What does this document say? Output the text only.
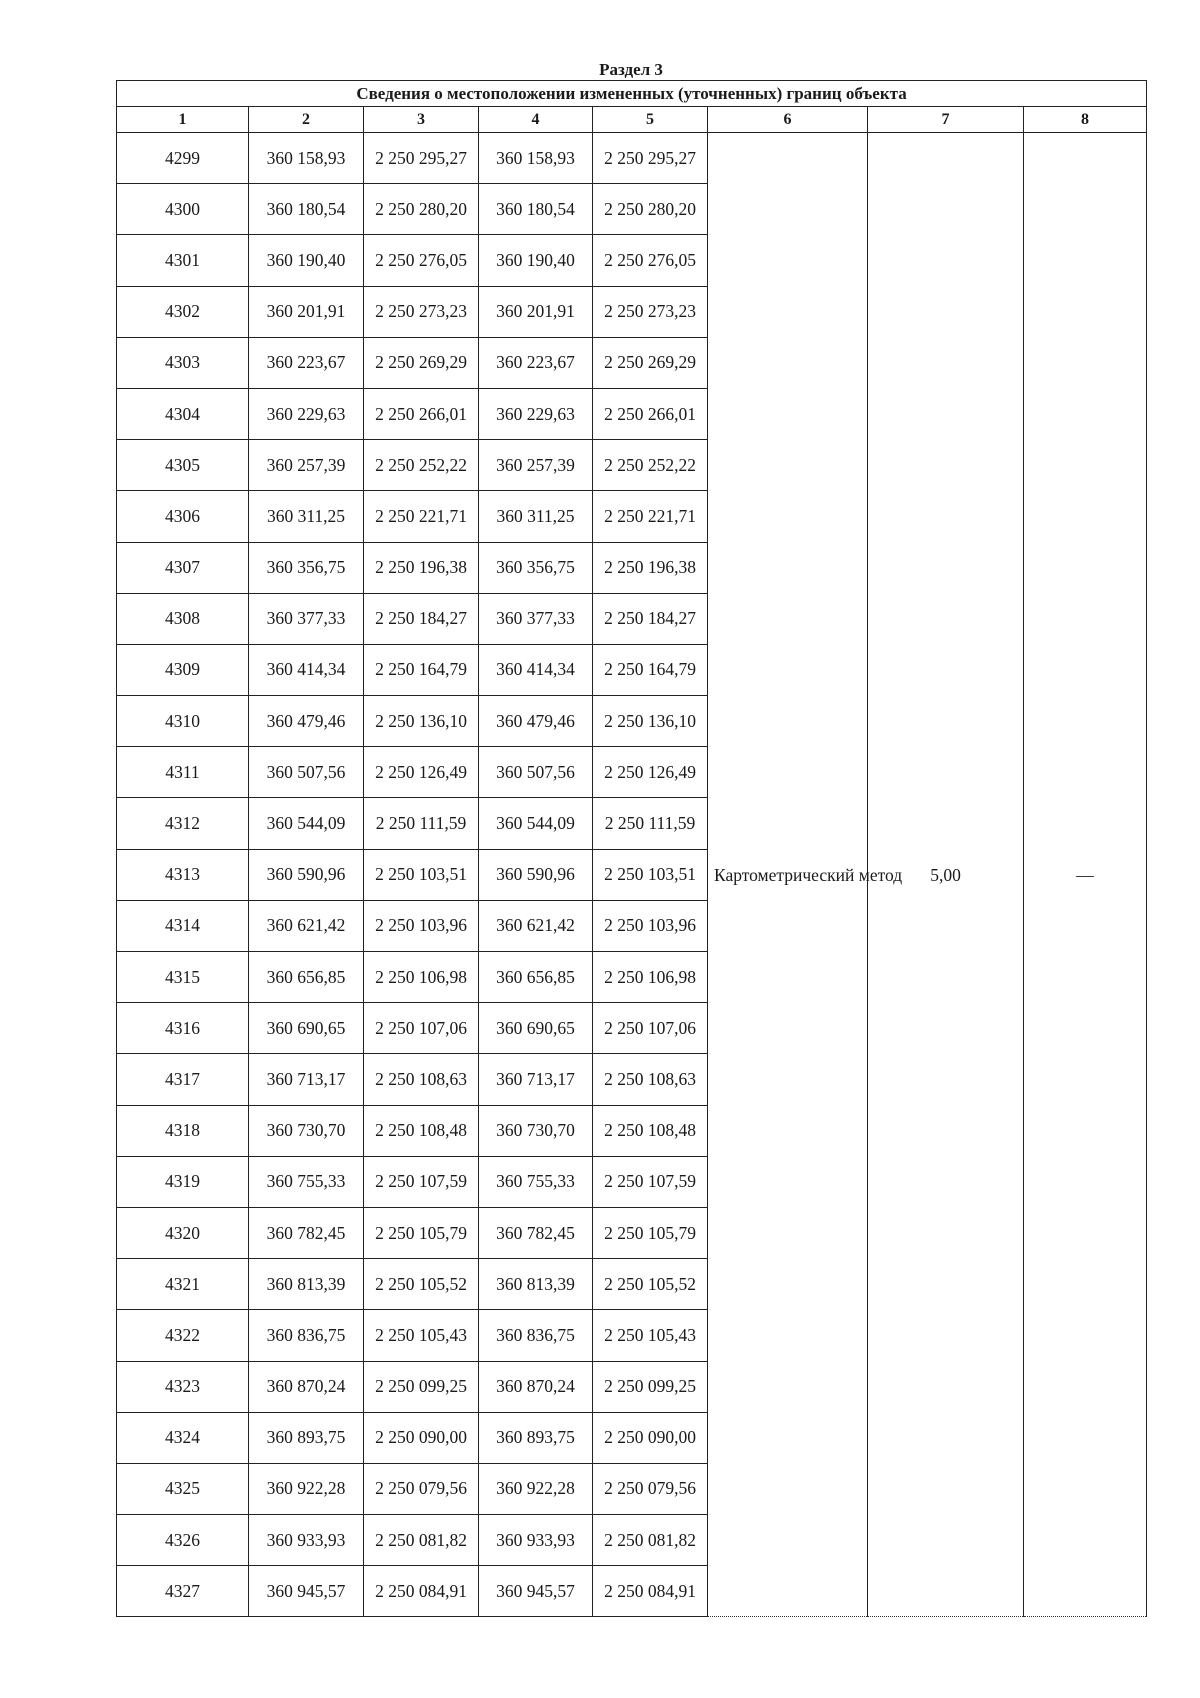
Раздел 3
Сведения о местоположении измененных (уточненных) границ объекта							
1	2	3	4	5	6	7	8
4299	360 158,93	2 250 295,27	360 158,93	2 250 295,27	Картометрический метод	5,00	—
4300	360 180,54	2 250 280,20	360 180,54	2 250 280,20			
4301	360 190,40	2 250 276,05	360 190,40	2 250 276,05			
4302	360 201,91	2 250 273,23	360 201,91	2 250 273,23			
4303	360 223,67	2 250 269,29	360 223,67	2 250 269,29			
4304	360 229,63	2 250 266,01	360 229,63	2 250 266,01			
4305	360 257,39	2 250 252,22	360 257,39	2 250 252,22			
4306	360 311,25	2 250 221,71	360 311,25	2 250 221,71			
4307	360 356,75	2 250 196,38	360 356,75	2 250 196,38			
4308	360 377,33	2 250 184,27	360 377,33	2 250 184,27			
4309	360 414,34	2 250 164,79	360 414,34	2 250 164,79			
4310	360 479,46	2 250 136,10	360 479,46	2 250 136,10			
4311	360 507,56	2 250 126,49	360 507,56	2 250 126,49			
4312	360 544,09	2 250 111,59	360 544,09	2 250 111,59			
4313	360 590,96	2 250 103,51	360 590,96	2 250 103,51			
4314	360 621,42	2 250 103,96	360 621,42	2 250 103,96			
4315	360 656,85	2 250 106,98	360 656,85	2 250 106,98			
4316	360 690,65	2 250 107,06	360 690,65	2 250 107,06			
4317	360 713,17	2 250 108,63	360 713,17	2 250 108,63			
4318	360 730,70	2 250 108,48	360 730,70	2 250 108,48			
4319	360 755,33	2 250 107,59	360 755,33	2 250 107,59			
4320	360 782,45	2 250 105,79	360 782,45	2 250 105,79			
4321	360 813,39	2 250 105,52	360 813,39	2 250 105,52			
4322	360 836,75	2 250 105,43	360 836,75	2 250 105,43			
4323	360 870,24	2 250 099,25	360 870,24	2 250 099,25			
4324	360 893,75	2 250 090,00	360 893,75	2 250 090,00			
4325	360 922,28	2 250 079,56	360 922,28	2 250 079,56			
4326	360 933,93	2 250 081,82	360 933,93	2 250 081,82			
4327	360 945,57	2 250 084,91	360 945,57	2 250 084,91			
